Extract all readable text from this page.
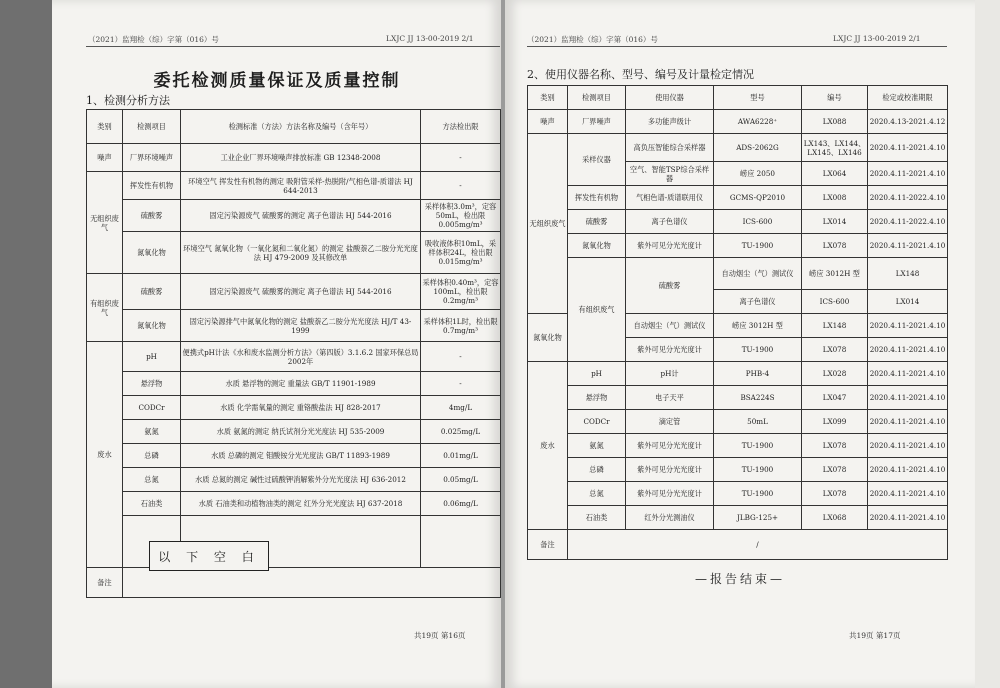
（2021）监翔检（综）字第（016）号	LXJC JJ 13-00-2019 2/1
委托检测质量保证及质量控制
1、检测分析方法
类别	检测项目	检测标准（方法）方法名称及编号（含年号）	方法检出限
噪声	厂界环境噪声	工业企业厂界环境噪声排放标准 GB 12348-2008	-
无组织废气	挥发性有机物	环境空气 挥发性有机物的测定 吸附管采样-热脱附/气相色谱-质谱法 HJ 644-2013	-
	硫酸雾	固定污染源废气 硫酸雾的测定 离子色谱法 HJ 544-2016	采样体积3.0m³，定容50mL，检出限0.005mg/m³
	氮氧化物	环境空气 氮氧化物（一氧化氮和二氧化氮）的测定 盐酸萘乙二胺分光光度法 HJ 479-2009 及其修改单	吸收液体积10mL，采样体积24L，检出限0.015mg/m³
有组织废气	硫酸雾	固定污染源废气 硫酸雾的测定 离子色谱法 HJ 544-2016	采样体积0.40m³，定容100mL，检出限0.2mg/m³
	氮氧化物	固定污染源排气中氮氧化物的测定 盐酸萘乙二胺分光光度法 HJ/T 43-1999	采样体积1L时，检出限0.7mg/m³
废水	pH	便携式pH计法《水和废水监测分析方法》（第四版）3.1.6.2 国家环保总局 2002年	-
	悬浮物	水质 悬浮物的测定 重量法 GB/T 11901-1989	-
	CODCr	水质 化学需氧量的测定 重铬酸盐法 HJ 828-2017	4mg/L
	氨氮	水质 氨氮的测定 纳氏试剂分光光度法 HJ 535-2009	0.025mg/L
	总磷	水质 总磷的测定 钼酸铵分光光度法 GB/T 11893-1989	0.01mg/L
	总氮	水质 总氮的测定 碱性过硫酸钾消解紫外分光光度法 HJ 636-2012	0.05mg/L
	石油类	水质 石油类和动植物油类的测定 红外分光光度法 HJ 637-2018	0.06mg/L

备注			
以 下 空 白
共19页 第16页
（2021）监翔检（综）字第（016）号	LXJC JJ 13-00-2019 2/1
2、使用仪器名称、型号、编号及计量检定情况
类别	检测项目	使用仪器	型号	编号	检定或校准期限	
噪声	厂界噪声	多功能声级计	AWA6228⁺	LX088	2020.4.13-2021.4.12	
无组织废气	采样仪器	高负压智能综合采样器	ADS-2062G	LX143、LX144、LX145、LX146	2020.4.11-2021.4.10	
		空气、智能TSP综合采样器	崂应 2050	LX064	2020.4.11-2021.4.10	
	挥发性有机物	气相色谱-质谱联用仪	GCMS-QP2010	LX008	2020.4.11-2022.4.10	
	硫酸雾	离子色谱仪	ICS-600	LX014	2020.4.11-2022.4.10	
	氮氧化物	紫外可见分光光度计	TU-1900	LX078	2020.4.11-2021.4.10	
	有组织废气	硫酸雾	自动烟尘（气）测试仪	崂应 3012H 型	LX148	
			离子色谱仪	ICS-600	LX014	
氮氧化物		自动烟尘（气）测试仪	崂应 3012H 型	LX148	2020.4.11-2021.4.10	
		紫外可见分光光度计	TU-1900	LX078	2020.4.11-2021.4.10	
废水	pH	pH计	PHB-4	LX028	2020.4.11-2021.4.10	
	悬浮物	电子天平	BSA224S	LX047	2020.4.11-2021.4.10	
	CODCr	滴定管	50mL	LX099	2020.4.11-2021.4.10	
	氨氮	紫外可见分光光度计	TU-1900	LX078	2020.4.11-2021.4.10	
	总磷	紫外可见分光光度计	TU-1900	LX078	2020.4.11-2021.4.10	
	总氮	紫外可见分光光度计	TU-1900	LX078	2020.4.11-2021.4.10	
	石油类	红外分光测油仪	JLBG-125+	LX068	2020.4.11-2021.4.10	
备注	/					
—报告结束—
共19页 第17页
